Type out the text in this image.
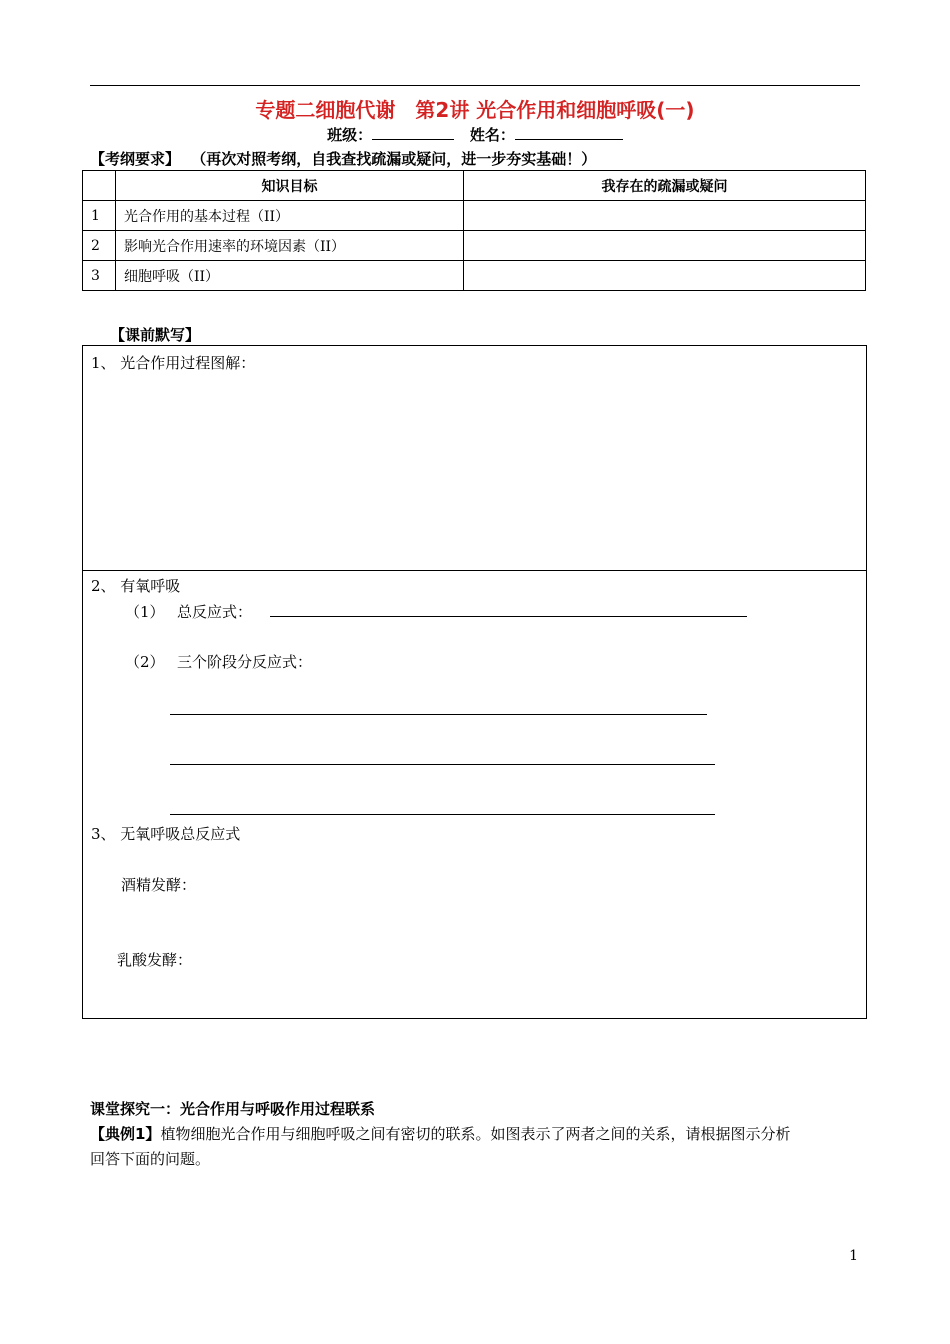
专题二细胞代谢　第2讲 光合作用和细胞呼吸(一)
班级：	姓名：
【考纲要求】 （再次对照考纲，自我查找疏漏或疑问，进一步夯实基础！）
	知识目标	我存在的疏漏或疑问
1	光合作用的基本过程（II）	
2	影响光合作用速率的环境因素（II）	
3	细胞呼吸（II）	
【课前默写】
1、 光合作用过程图解：
2、 有氧呼吸
（1） 总反应式：
（2） 三个阶段分反应式：
3、 无氧呼吸总反应式
酒精发酵：
乳酸发酵：
课堂探究一：光合作用与呼吸作用过程联系
【典例1】植物细胞光合作用与细胞呼吸之间有密切的联系。如图表示了两者之间的关系，请根据图示分析
回答下面的问题。
1
